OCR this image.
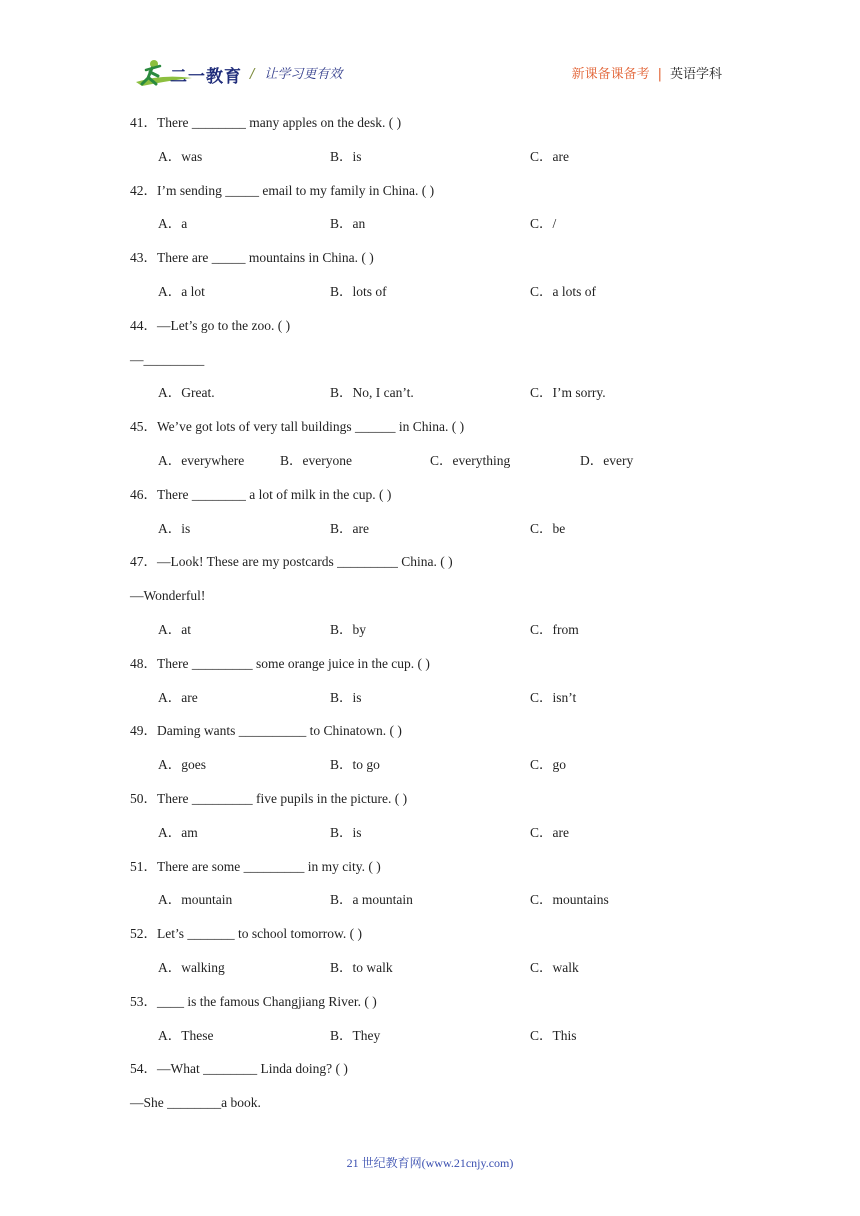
二一教育 / 让学习更有效	新课备课备考 | 英语学科
41．There ________ many apples on the desk. ( )
A．was	B．is	C．are
42．I’m sending _____ email to my family in China. ( )
A．a	B．an	C．/
43．There are _____ mountains in China. ( )
A．a lot	B．lots of	C．a lots of
44．—Let’s go to the zoo. ( )
—_________
A．Great.	B．No, I can’t.	C．I’m sorry.
45．We’ve got lots of very tall buildings ______ in China. ( )
A．everywhere	B．everyone	C．everything	D．every
46．There ________ a lot of milk in the cup. ( )
A．is	B．are	C．be
47．—Look! These are my postcards _________ China. ( )
—Wonderful!
A．at	B．by	C．from
48．There _________ some orange juice in the cup. ( )
A．are	B．is	C．isn’t
49．Daming wants __________ to Chinatown. ( )
A．goes	B．to go	C．go
50．There _________ five pupils in the picture. ( )
A．am	B．is	C．are
51．There are some _________ in my city. ( )
A．mountain	B．a mountain	C．mountains
52．Let’s _______ to school tomorrow. ( )
A．walking	B．to walk	C．walk
53．____ is the famous Changjiang River. ( )
A．These	B．They	C．This
54．—What ________ Linda doing? ( )
—She ________a book.
21 世纪教育网(www.21cnjy.com)
